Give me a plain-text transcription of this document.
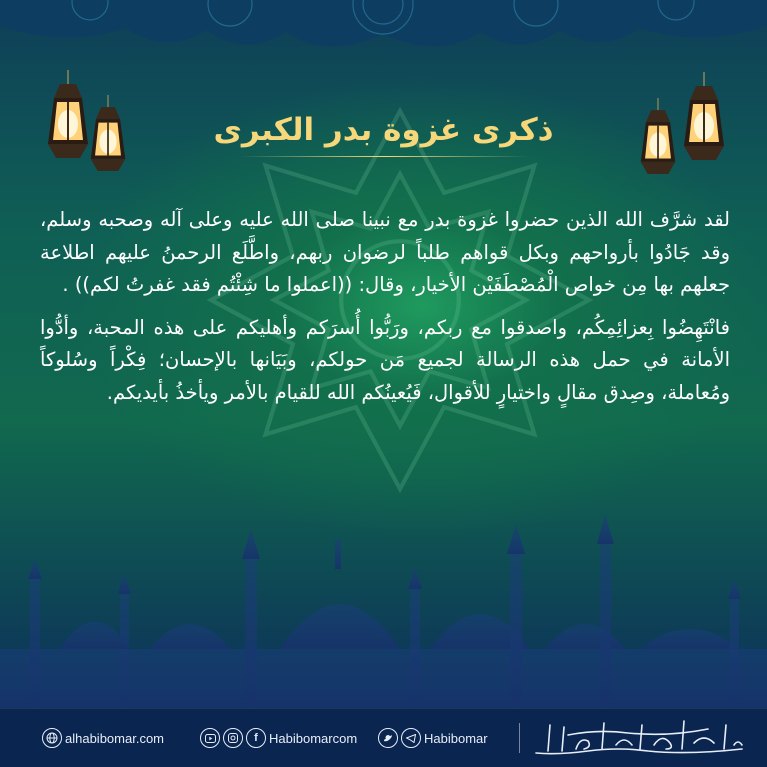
ذكرى غزوة بدر الكبرى

لقد شرَّف الله الذين حضروا غزوة بدر مع نبينا صلى الله عليه وعلى آله وصحبه وسلم، وقد جَادُوا بأرواحهم وبكل قواهم طلباً لرضوان ربهم، واطَّلَع الرحمنُ عليهم اطلاعة جعلهم بها مِن خواص الْمُصْطَفَيْن الأخيار، وقال: ((اعملوا ما شِئْتُم فقد غفرتُ لكم)) .

فانْتَهِضُوا بِعزائِمِكُم، واصدقوا مع ربكم، ورَبُّوا أُسرَكم وأهليكم على هذه المحبة، وأدُّوا الأمانة في حمل هذه الرسالة لجميع مَن حولكم، وبَيَانها بالإحسان؛ فِكْراً وسُلوكاً ومُعاملة، وصِدق مقالٍ واختيارٍ للأقوال، فَيُعينُكم الله للقيام بالأمر ويأخذُ بأيديكم.

alhabibomar.com	f Habibomarcom	Habibomar
